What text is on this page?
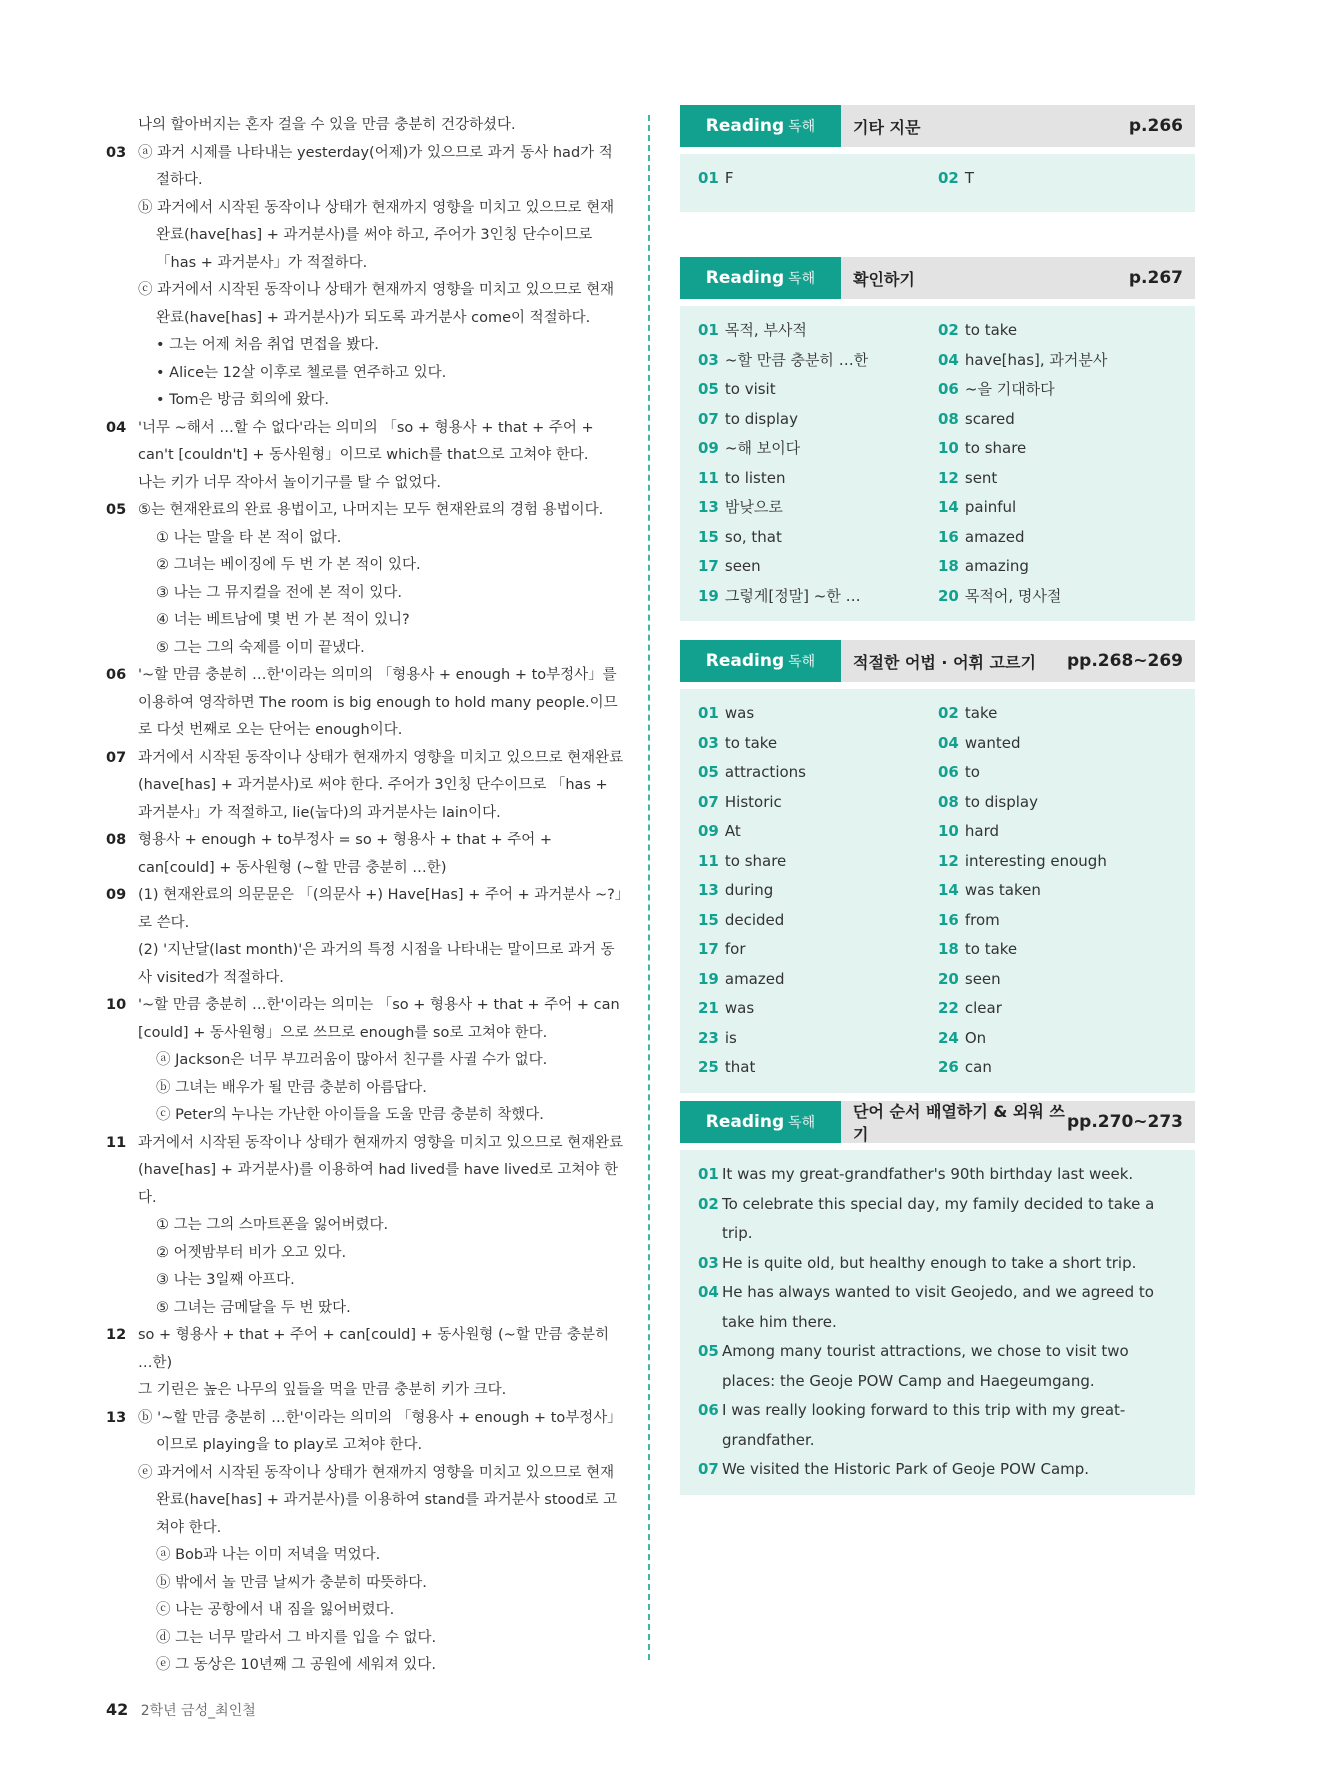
나의 할아버지는 혼자 걸을 수 있을 만큼 충분히 건강하셨다.
03 ⓐ 과거 시제를 나타내는 yesterday(어제)가 있으므로 과거 동사 had가 적절하다.
ⓑ 과거에서 시작된 동작이나 상태가 현재까지 영향을 미치고 있으므로 현재완료(have[has] + 과거분사)를 써야 하고, 주어가 3인칭 단수이므로 「has + 과거분사」가 적절하다.
ⓒ 과거에서 시작된 동작이나 상태가 현재까지 영향을 미치고 있으므로 현재완료(have[has] + 과거분사)가 되도록 과거분사 come이 적절하다.
• 그는 어제 처음 취업 면접을 봤다.
• Alice는 12살 이후로 첼로를 연주하고 있다.
• Tom은 방금 회의에 왔다.
04 '너무 ~해서 …할 수 없다'라는 의미의 「so + 형용사 + that + 주어 + can't [couldn't] + 동사원형」이므로 which를 that으로 고쳐야 한다.
나는 키가 너무 작아서 놀이기구를 탈 수 없었다.
05 ⑤는 현재완료의 완료 용법이고, 나머지는 모두 현재완료의 경험 용법이다.
① 나는 말을 타 본 적이 없다.
② 그녀는 베이징에 두 번 가 본 적이 있다.
③ 나는 그 뮤지컬을 전에 본 적이 있다.
④ 너는 베트남에 몇 번 가 본 적이 있니?
⑤ 그는 그의 숙제를 이미 끝냈다.
06 '~할 만큼 충분히 …한'이라는 의미의 「형용사 + enough + to부정사」를 이용하여 영작하면 The room is big enough to hold many people.이므로 다섯 번째로 오는 단어는 enough이다.
07 과거에서 시작된 동작이나 상태가 현재까지 영향을 미치고 있으므로 현재완료(have[has] + 과거분사)로 써야 한다. 주어가 3인칭 단수이므로 「has + 과거분사」가 적절하고, lie(눕다)의 과거분사는 lain이다.
08 형용사 + enough + to부정사 = so + 형용사 + that + 주어 + can[could] + 동사원형 (~할 만큼 충분히 …한)
09 (1) 현재완료의 의문문은 「(의문사 +) Have[Has] + 주어 + 과거분사 ~?」로 쓴다.
(2) '지난달(last month)'은 과거의 특정 시점을 나타내는 말이므로 과거 동사 visited가 적절하다.
10 '~할 만큼 충분히 …한'이라는 의미는 「so + 형용사 + that + 주어 + can [could] + 동사원형」으로 쓰므로 enough를 so로 고쳐야 한다.
ⓐ Jackson은 너무 부끄러움이 많아서 친구를 사귈 수가 없다.
ⓑ 그녀는 배우가 될 만큼 충분히 아름답다.
ⓒ Peter의 누나는 가난한 아이들을 도울 만큼 충분히 착했다.
11 과거에서 시작된 동작이나 상태가 현재까지 영향을 미치고 있으므로 현재완료(have[has] + 과거분사)를 이용하여 had lived를 have lived로 고쳐야 한다.
① 그는 그의 스마트폰을 잃어버렸다.
② 어젯밤부터 비가 오고 있다.
③ 나는 3일째 아프다.
⑤ 그녀는 금메달을 두 번 땄다.
12 so + 형용사 + that + 주어 + can[could] + 동사원형 (~할 만큼 충분히 …한)
그 기린은 높은 나무의 잎들을 먹을 만큼 충분히 키가 크다.
13 ⓑ '~할 만큼 충분히 …한'이라는 의미의 「형용사 + enough + to부정사」이므로 playing을 to play로 고쳐야 한다.
ⓔ 과거에서 시작된 동작이나 상태가 현재까지 영향을 미치고 있으므로 현재완료(have[has] + 과거분사)를 이용하여 stand를 과거분사 stood로 고쳐야 한다.
ⓐ Bob과 나는 이미 저녁을 먹었다.
ⓑ 밖에서 놀 만큼 날씨가 충분히 따뜻하다.
ⓒ 나는 공항에서 내 짐을 잃어버렸다.
ⓓ 그는 너무 말라서 그 바지를 입을 수 없다.
ⓔ 그 동상은 10년째 그 공원에 세워져 있다.
Reading 독해 기타 지문	p.266
01 F	02 T
Reading 독해 확인하기	p.267
01 목적, 부사적	02 to take
03 ~할 만큼 충분히 …한	04 have[has], 과거분사
05 to visit	06 ~을 기대하다
07 to display	08 scared
09 ~해 보이다	10 to share
11 to listen	12 sent
13 밤낮으로	14 painful
15 so, that	16 amazed
17 seen	18 amazing
19 그렇게[정말] ~한 …	20 목적어, 명사절
Reading 독해 적절한 어법 · 어휘 고르기 pp.268~269
01 was	02 take
03 to take	04 wanted
05 attractions	06 to
07 Historic	08 to display
09 At	10 hard
11 to share	12 interesting enough
13 during	14 was taken
15 decided	16 from
17 for	18 to take
19 amazed	20 seen
21 was	22 clear
23 is	24 On
25 that	26 can
Reading 독해
단어 순서 배열하기 & 외워 쓰기
pp.270~273
01 It was my great-grandfather's 90th birthday last week.
02 To celebrate this special day, my family decided to take a trip.
03 He is quite old, but healthy enough to take a short trip.
04 He has always wanted to visit Geojedo, and we agreed to take him there.
05 Among many tourist attractions, we chose to visit two places: the Geoje POW Camp and Haegeumgang.
06 I was really looking forward to this trip with my great-grandfather.
07 We visited the Historic Park of Geoje POW Camp.
42 2학년 금성_최인철
